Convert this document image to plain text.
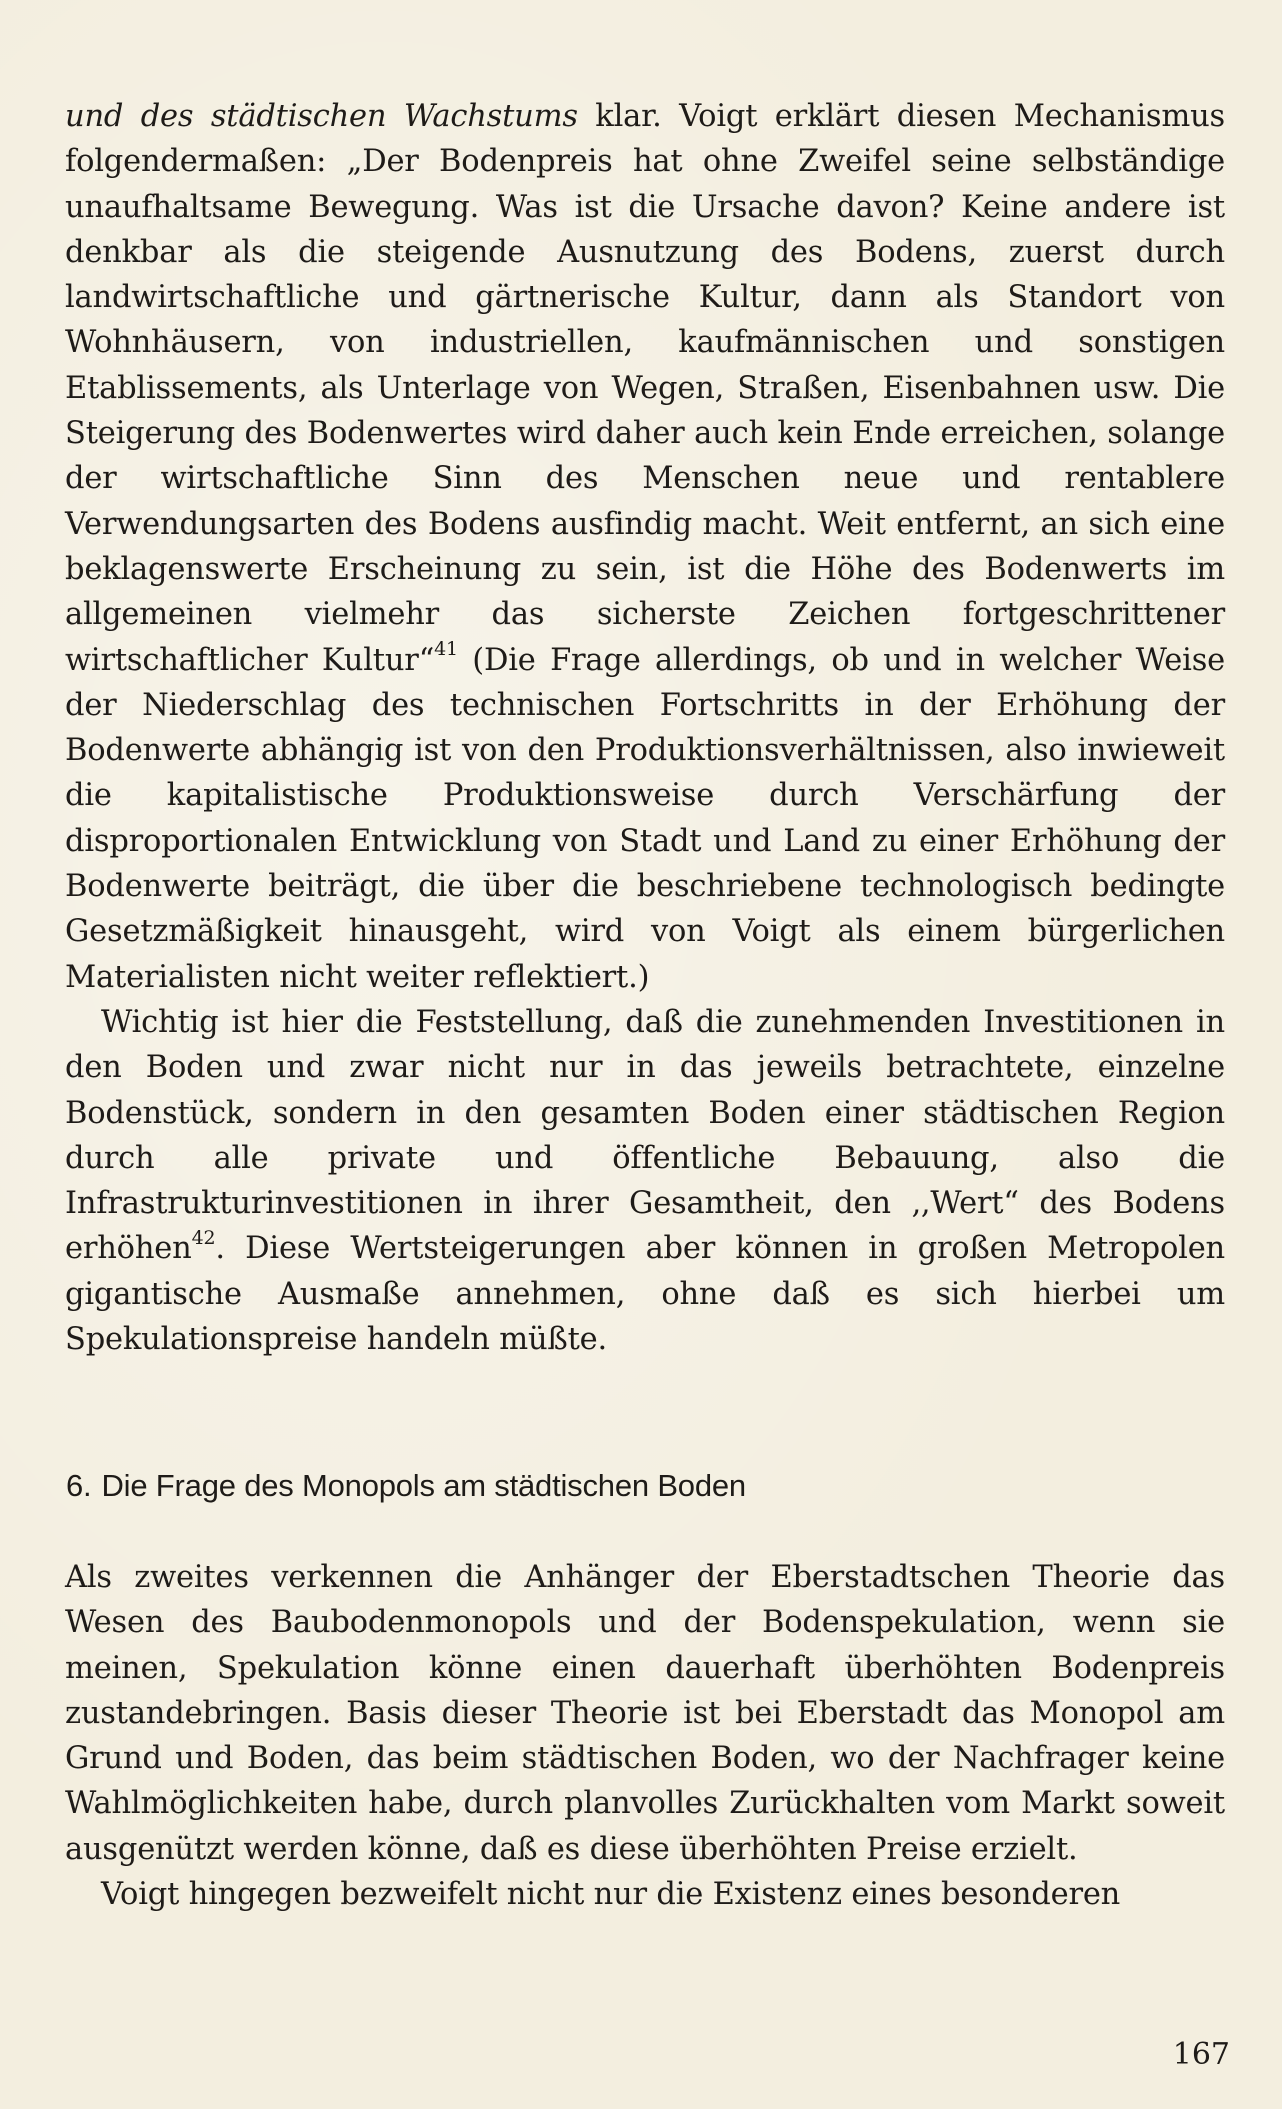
und des städtischen Wachstums klar. Voigt erklärt diesen Mechanismus folgendermaßen: „Der Bodenpreis hat ohne Zweifel seine selbständige unaufhaltsame Bewegung. Was ist die Ursache davon? Keine andere ist denkbar als die steigende Ausnutzung des Bodens, zuerst durch landwirtschaftliche und gärtnerische Kultur, dann als Standort von Wohnhäusern, von industriellen, kaufmännischen und sonstigen Etablissements, als Unterlage von Wegen, Straßen, Eisenbahnen usw. Die Steigerung des Bodenwertes wird daher auch kein Ende erreichen, solange der wirtschaftliche Sinn des Menschen neue und rentablere Verwendungsarten des Bodens ausfindig macht. Weit entfernt, an sich eine beklagenswerte Erscheinung zu sein, ist die Höhe des Bodenwerts im allgemeinen vielmehr das sicherste Zeichen fortgeschrittener wirtschaftlicher Kultur“$^{41}$ (Die Frage allerdings, ob und in welcher Weise der Niederschlag des technischen Fortschritts in der Erhöhung der Bodenwerte abhängig ist von den Produktionsverhältnissen, also inwieweit die kapitalistische Produktionsweise durch Verschärfung der disproportionalen Entwicklung von Stadt und Land zu einer Erhöhung der Bodenwerte beiträgt, die über die beschriebene technologisch bedingte Gesetzmäßigkeit hinausgeht, wird von Voigt als einem bürgerlichen Materialisten nicht weiter reflektiert.)

Wichtig ist hier die Feststellung, daß die zunehmenden Investitionen in den Boden und zwar nicht nur in das jeweils betrachtete, einzelne Bodenstück, sondern in den gesamten Boden einer städtischen Region durch alle private und öffentliche Bebauung, also die Infrastrukturinvestitionen in ihrer Gesamtheit, den ‚,Wert“ des Bodens erhöhen$^{42}$. Diese Wertsteigerungen aber können in großen Metropolen gigantische Ausmaße annehmen, ohne daß es sich hierbei um Spekulationspreise handeln müßte.

6. Die Frage des Monopols am städtischen Boden

Als zweites verkennen die Anhänger der Eberstadtschen Theorie das Wesen des Baubodenmonopols und der Bodenspekulation, wenn sie meinen, Spekulation könne einen dauerhaft überhöhten Bodenpreis zustandebringen. Basis dieser Theorie ist bei Eberstadt das Monopol am Grund und Boden, das beim städtischen Boden, wo der Nachfrager keine Wahlmöglichkeiten habe, durch planvolles Zurückhalten vom Markt soweit ausgenützt werden könne, daß es diese überhöhten Preise erzielt.

Voigt hingegen bezweifelt nicht nur die Existenz eines besonderen

167
